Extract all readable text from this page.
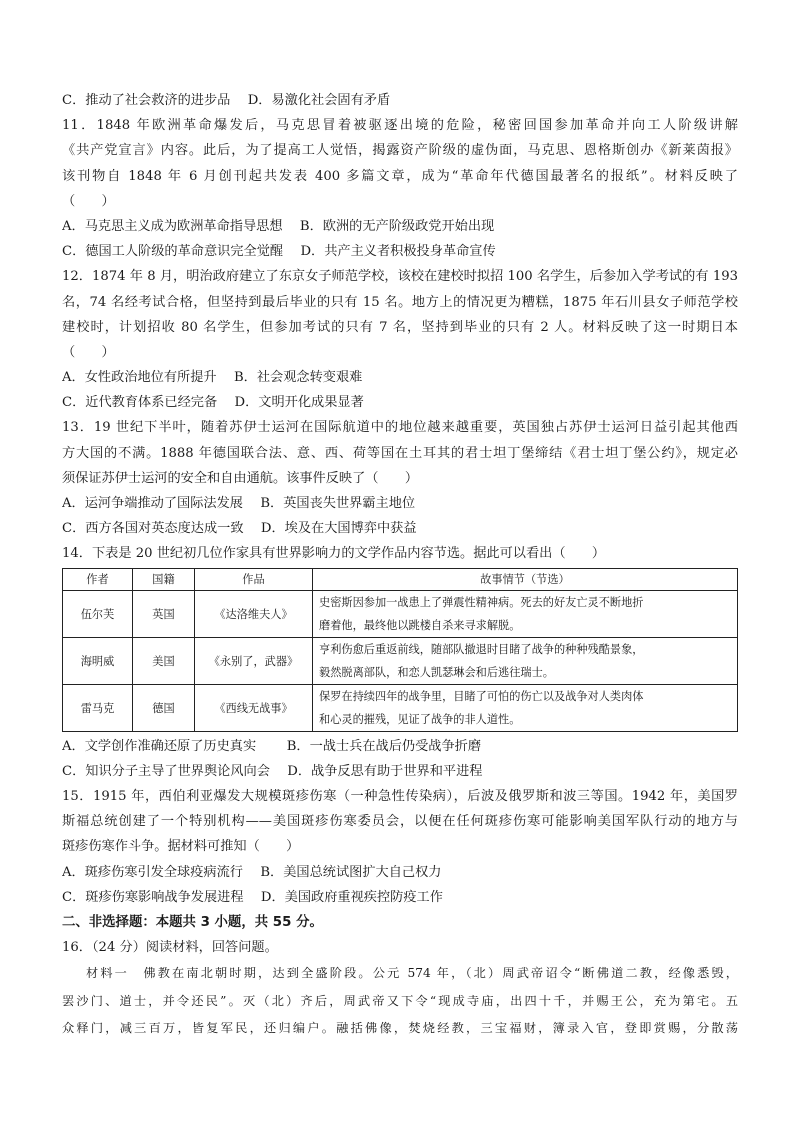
C．推动了社会救济的进步品　 D．易激化社会固有矛盾
11．1848 年欧洲革命爆发后，马克思冒着被驱逐出境的危险，秘密回国参加革命并向工人阶级讲解
《共产党宣言》内容。此后，为了提高工人觉悟，揭露资产阶级的虚伪面，马克思、恩格斯创办《新莱茵报》
该刊物自 1848 年 6 月创刊起共发表 400 多篇文章，成为“革命年代德国最著名的报纸”。材料反映了
（　　）
A．马克思主义成为欧洲革命指导思想　 B．欧洲的无产阶级政党开始出现
C．德国工人阶级的革命意识完全觉醒　 D．共产主义者积极投身革命宣传
12．1874 年 8 月，明治政府建立了东京女子师范学校，该校在建校时拟招 100 名学生，后参加入学考试的有 193
名，74 名经考试合格，但坚持到最后毕业的只有 15 名。地方上的情况更为糟糕，1875 年石川县女子师范学校
建校时，计划招收 80 名学生，但参加考试的只有 7 名，坚持到毕业的只有 2 人。材料反映了这一时期日本
（　　）
A．女性政治地位有所提升　 B．社会观念转变艰难
C．近代教育体系已经完备　 D．文明开化成果显著
13．19 世纪下半叶，随着苏伊士运河在国际航道中的地位越来越重要，英国独占苏伊士运河日益引起其他西
方大国的不满。1888 年德国联合法、意、西、荷等国在土耳其的君士坦丁堡缔结《君士坦丁堡公约》，规定必
须保证苏伊士运河的安全和自由通航。该事件反映了（　　）
A．运河争端推动了国际法发展　 B．英国丧失世界霸主地位
C．西方各国对英态度达成一致　 D．埃及在大国博弈中获益
14．下表是 20 世纪初几位作家具有世界影响力的文学作品内容节选。据此可以看出（　　）
作者	国籍	作品	故事情节（节选）
伍尔芙	英国	《达洛维夫人》	史密斯因参加一战患上了弹震性精神病。死去的好友亡灵不断地折
磨着他，最终他以跳楼自杀来寻求解脱。

海明威	美国	《永别了，武器》	亨利伤愈后重返前线，随部队撤退时目睹了战争的种种残酷景象，
毅然脱离部队，和恋人凯瑟琳会和后逃往瑞士。

雷马克	德国	《西线无战事》	保罗在持续四年的战争里，目睹了可怕的伤亡以及战争对人类肉体
和心灵的摧残，见证了战争的非人道性。
A．文学创作准确还原了历史真实　 　B．一战士兵在战后仍受战争折磨
C．知识分子主导了世界舆论风向会　 D．战争反思有助于世界和平进程
15．1915 年，西伯利亚爆发大规模斑疹伤寒（一种急性传染病），后波及俄罗斯和波三等国。1942 年，美国罗
斯福总统创建了一个特别机构——美国斑疹伤寒委员会，以便在任何斑疹伤寒可能影响美国军队行动的地方与
斑疹伤寒作斗争。据材料可推知（　　）
A．斑疹伤寒引发全球疫病流行　 B．美国总统试图扩大自己权力
C．斑疹伤寒影响战争发展进程　 D．美国政府重视疾控防疫工作
二、非选择题：本题共 3 小题，共 55 分。
16．（24 分）阅读材料，回答问题。
材料一　佛教在南北朝时期，达到全盛阶段。公元 574 年，（北）周武帝诏令“断佛道二教，经像悉毁，
罢沙门、道士，并令还民”。灭（北）齐后，周武帝又下令“现成寺庙，出四十千，并赐王公，充为第宅。五
众释门，减三百万，皆复军民，还归编户。融括佛像，焚烧经教，三宝福财，簿录入官，登即赏赐，分散荡
